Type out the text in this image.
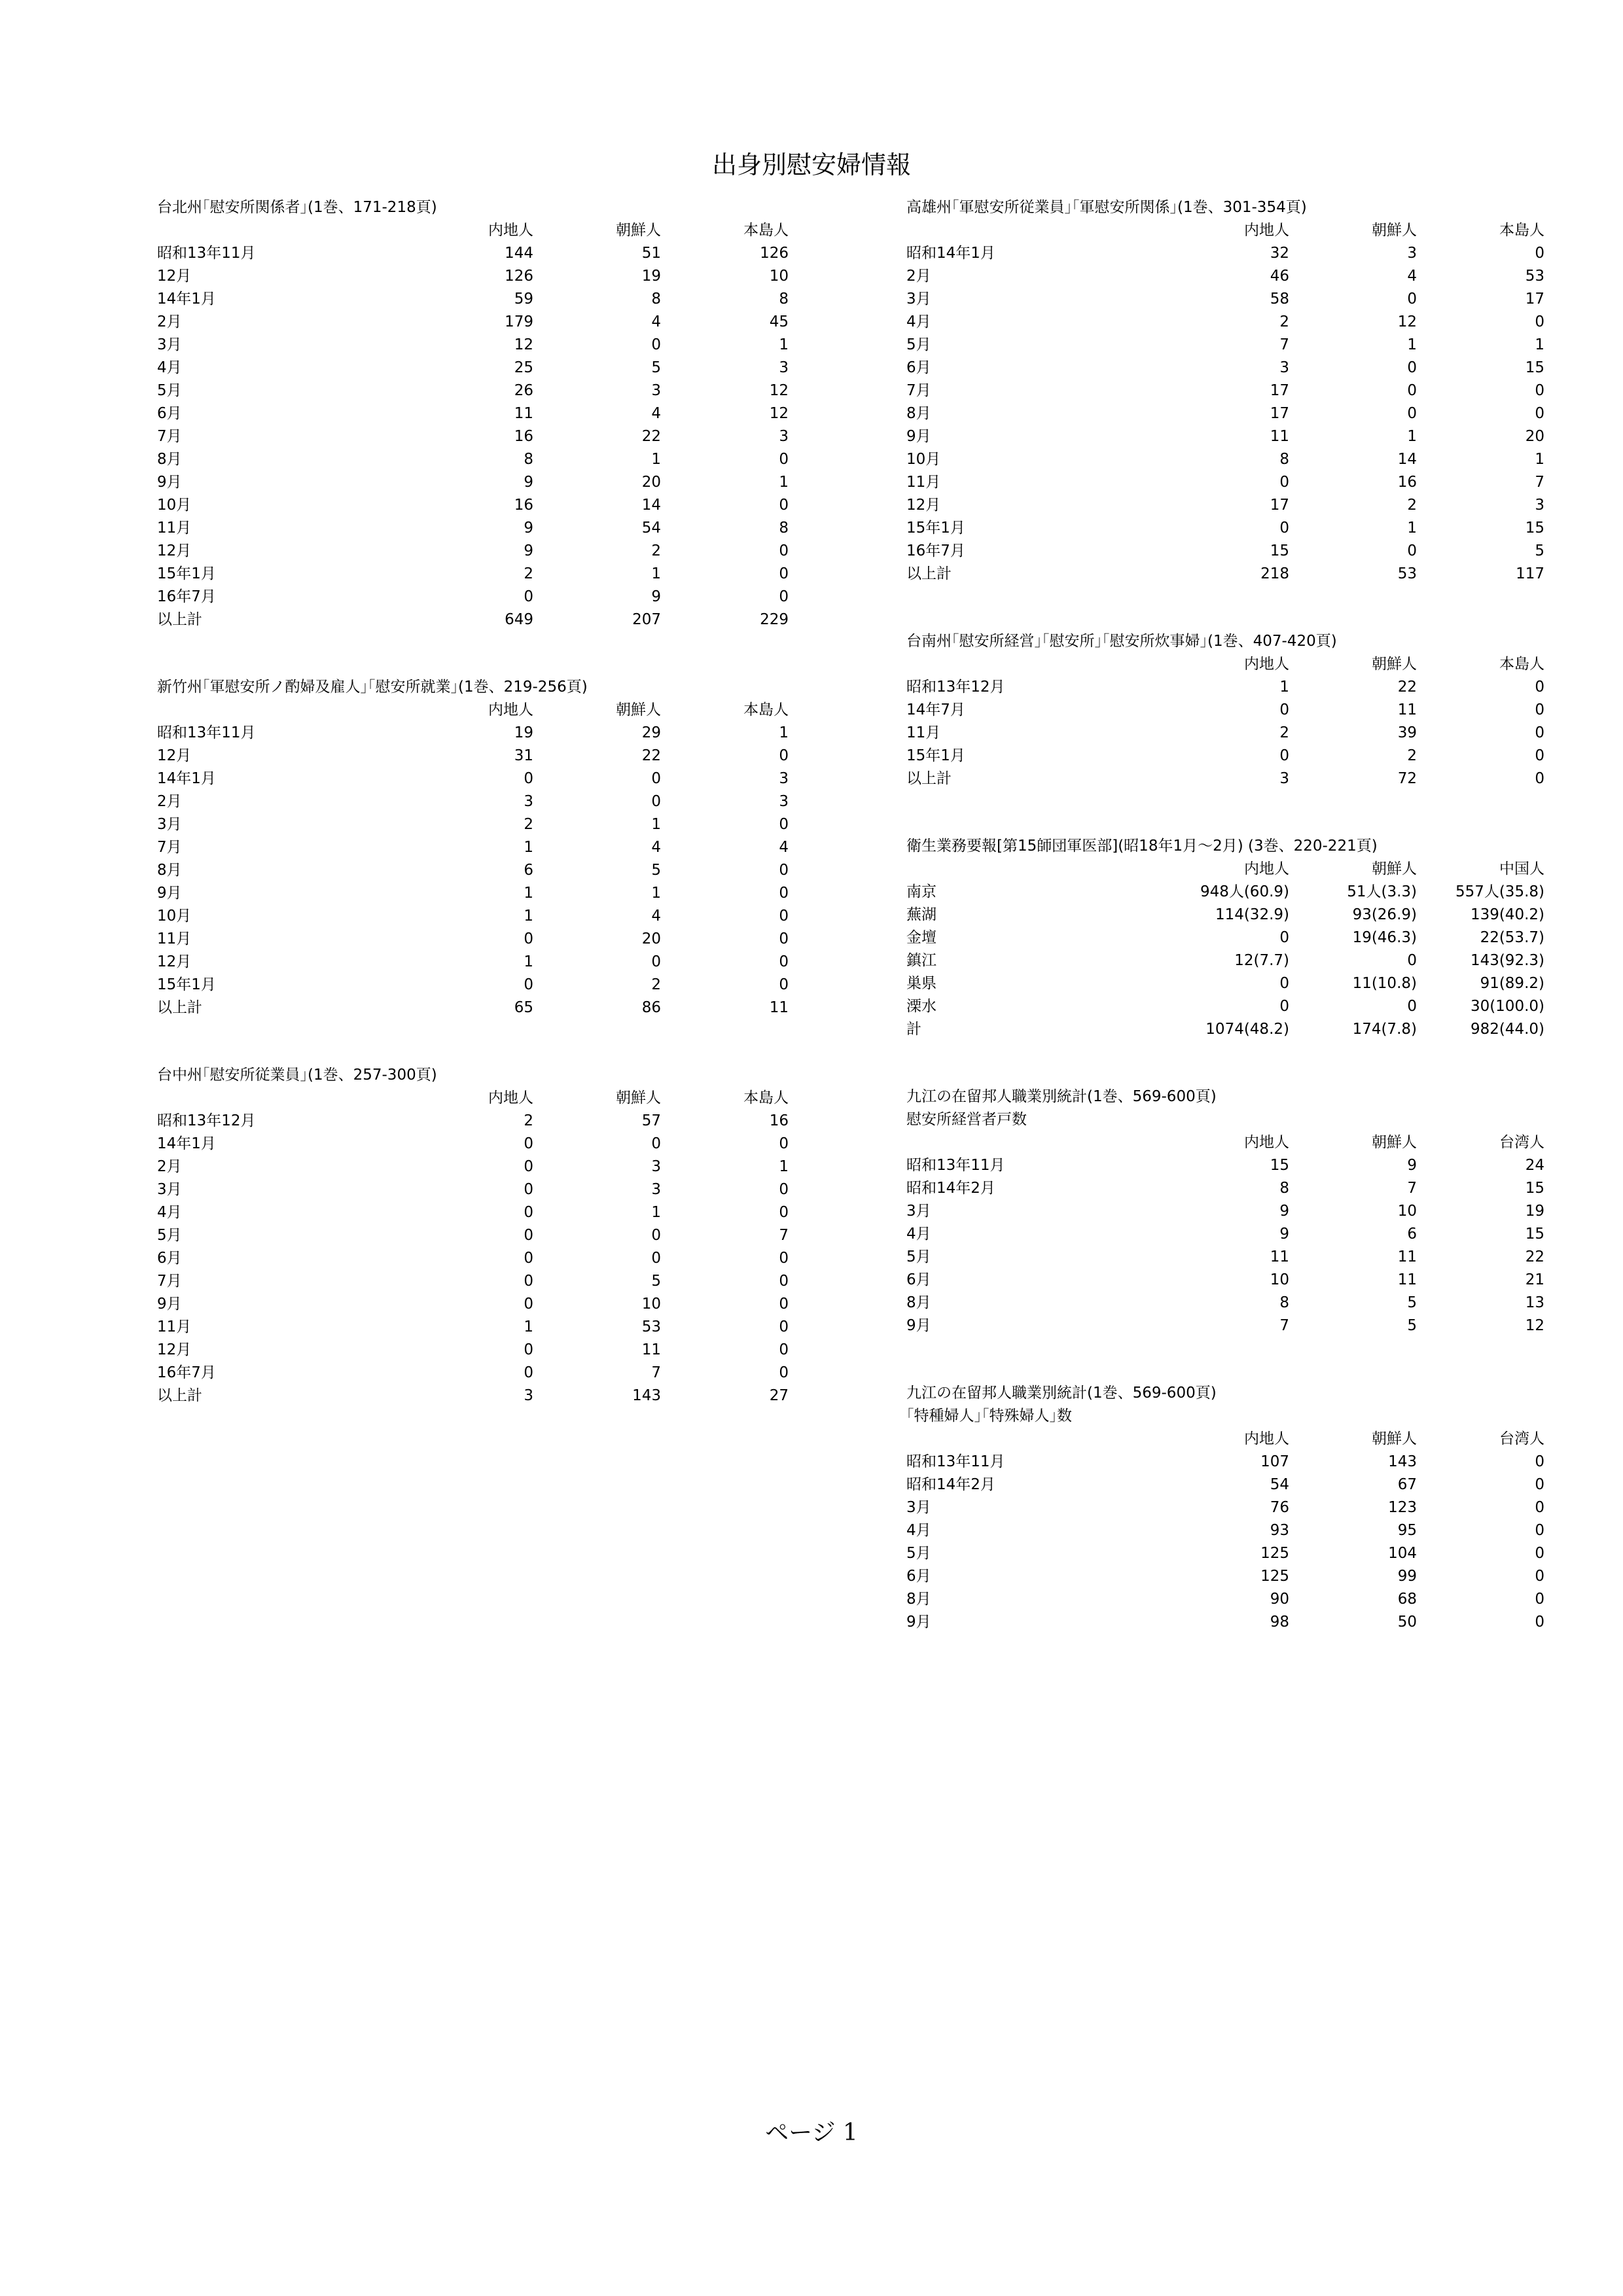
出身別慰安婦情報
台北州｢慰安所関係者｣(1巻、171-218頁)
	内地人	朝鮮人	本島人
昭和13年11月	144	51	126
12月	126	19	10
14年1月	59	8	8
2月	179	4	45
3月	12	0	1
4月	25	5	3
5月	26	3	12
6月	11	4	12
7月	16	22	3
8月	8	1	0
9月	9	20	1
10月	16	14	0
11月	9	54	8
12月	9	2	0
15年1月	2	1	0
16年7月	0	9	0
以上計	649	207	229
新竹州｢軍慰安所ノ酌婦及雇人｣｢慰安所就業｣(1巻、219-256頁)
	内地人	朝鮮人	本島人
昭和13年11月	19	29	1
12月	31	22	0
14年1月	0	0	3
2月	3	0	3
3月	2	1	0
7月	1	4	4
8月	6	5	0
9月	1	1	0
10月	1	4	0
11月	0	20	0
12月	1	0	0
15年1月	0	2	0
以上計	65	86	11
台中州｢慰安所従業員｣(1巻、257-300頁)
	内地人	朝鮮人	本島人
昭和13年12月	2	57	16
14年1月	0	0	0
2月	0	3	1
3月	0	3	0
4月	0	1	0
5月	0	0	7
6月	0	0	0
7月	0	5	0
9月	0	10	0
11月	1	53	0
12月	0	11	0
16年7月	0	7	0
以上計	3	143	27
高雄州｢軍慰安所従業員｣｢軍慰安所関係｣(1巻、301-354頁)
	内地人	朝鮮人	本島人
昭和14年1月	32	3	0
2月	46	4	53
3月	58	0	17
4月	2	12	0
5月	7	1	1
6月	3	0	15
7月	17	0	0
8月	17	0	0
9月	11	1	20
10月	8	14	1
11月	0	16	7
12月	17	2	3
15年1月	0	1	15
16年7月	15	0	5
以上計	218	53	117
台南州｢慰安所経営｣｢慰安所｣｢慰安所炊事婦｣(1巻、407-420頁)
	内地人	朝鮮人	本島人
昭和13年12月	1	22	0
14年7月	0	11	0
11月	2	39	0
15年1月	0	2	0
以上計	3	72	0
衛生業務要報[第15師団軍医部](昭18年1月～2月) (3巻、220-221頁)
	内地人	朝鮮人	中国人
南京	948人(60.9)	51人(3.3)	557人(35.8)
蕪湖	114(32.9)	93(26.9)	139(40.2)
金壇	0	19(46.3)	22(53.7)
鎮江	12(7.7)	0	143(92.3)
巣県	0	11(10.8)	91(89.2)
溧水	0	0	30(100.0)
計	1074(48.2)	174(7.8)	982(44.0)
九江の在留邦人職業別統計(1巻、569-600頁)
慰安所経営者戸数
	内地人	朝鮮人	台湾人
昭和13年11月	15	9	24
昭和14年2月	8	7	15
3月	9	10	19
4月	9	6	15
5月	11	11	22
6月	10	11	21
8月	8	5	13
9月	7	5	12
九江の在留邦人職業別統計(1巻、569-600頁)
｢特種婦人｣｢特殊婦人｣数
	内地人	朝鮮人	台湾人
昭和13年11月	107	143	0
昭和14年2月	54	67	0
3月	76	123	0
4月	93	95	0
5月	125	104	0
6月	125	99	0
8月	90	68	0
9月	98	50	0
ページ 1
